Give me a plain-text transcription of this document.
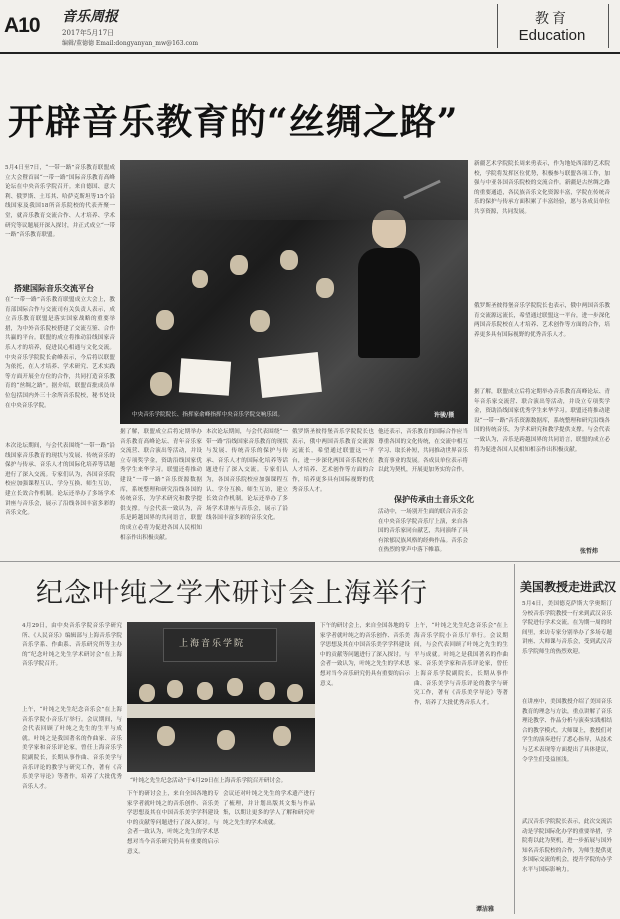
A10 音乐周报
2017年5月17日
编辑/董德德 Email:dongyanyan_mw@163.com
教育
Education
开辟音乐教育的“丝绸之路”
5月4日至7日，“一带一路”音乐教育联盟成立大会暨首届“一带一路”国际音乐教育高峰论坛在中央音乐学院召开。来自德国、意大利、俄罗斯、土耳其、哈萨克斯坦等15个沿线国家及我国18所音乐院校的代表齐聚一堂，就音乐教育交流合作、人才培养、学术研究等议题展开深入探讨，并正式成立“一带一路”音乐教育联盟。
搭建国际音乐交流平台
在“一带一路”音乐教育联盟成立大会上，教育部国际合作与交流司有关负责人表示，成立音乐教育联盟是落实国家战略的重要举措，为中外音乐院校搭建了交流互鉴、合作共赢的平台。联盟的成立将推动沿线国家音乐人才的培养，促进民心相通与文化交流。中央音乐学院院长俞峰表示，今后将以联盟为依托，在人才培养、学术研究、艺术实践等方面开展全方位的合作，共同打造音乐教育的“丝绸之路”。据介绍，联盟首批成员单位包括国内外三十余所音乐院校，秘书处设在中央音乐学院。
本次论坛期间，与会代表围绕“一带一路”沿线国家音乐教育的现状与发展、传统音乐的保护与传承、音乐人才的国际化培养等话题进行了深入交流。专家们认为，各国音乐院校应加强课程互认、学分互换、师生互访，建立长效合作机制。论坛还举办了多场学术讲座与音乐会，展示了沿线各国丰富多彩的音乐文化。
中央音乐学院院长、指挥家俞峰指挥中央音乐学院交响乐团。	许骏/摄
据了解，联盟成立后将定期举办音乐教育高峰论坛、青年音乐家交流营、联合演出等活动，并设立专项奖学金，资助沿线国家优秀学生来华学习。联盟还将推动建设“一带一路”音乐资源数据库，系统整理和研究沿线各国的传统音乐，为学术研究和教学提供支撑。与会代表一致认为，音乐是跨越国界的共同语言，联盟的成立必将为促进各国人民相知相亲作出积极贡献。
本次论坛期间，与会代表围绕“一带一路”沿线国家音乐教育的现状与发展、传统音乐的保护与传承、音乐人才的国际化培养等话题进行了深入交流。专家们认为，各国音乐院校应加强课程互认、学分互换、师生互访，建立长效合作机制。论坛还举办了多场学术讲座与音乐会，展示了沿线各国丰富多彩的音乐文化。
俄罗斯圣彼得堡音乐学院院长也表示，俄中两国音乐教育交流源远流长，希望通过联盟这一平台，进一步深化两国音乐院校在人才培养、艺术创作等方面的合作，培养更多具有国际视野的优秀音乐人才。
他还表示，音乐教育的国际合作应当尊重各国的文化传统，在交流中相互学习、取长补短，共同推动世界音乐教育事业的发展。各成员单位表示将以此为契机，开展更加务实的合作。
保护传承由土音乐文化
活动中，一场别开生面的联合音乐会在中央音乐学院音乐厅上演，来自各国的音乐家同台献艺，共同演绎了具有浓郁民族风格的经典作品。音乐会在热烈的掌声中落下帷幕。
新疆艺术学院院长周来勇表示，作为地处西部的艺术院校，学院将发挥区位优势，积极参与联盟各项工作，加强与中亚各国音乐院校的交流合作。新疆是古丝绸之路的重要通道，各民族音乐文化资源丰富，学院在传统音乐的保护与传承方面积累了丰富经验，愿与各成员单位共享资源，共同发展。
俄罗斯圣彼得堡音乐学院院长也表示，俄中两国音乐教育交流源远流长，希望通过联盟这一平台，进一步深化两国音乐院校在人才培养、艺术创作等方面的合作，培养更多具有国际视野的优秀音乐人才。
据了解，联盟成立后将定期举办音乐教育高峰论坛、青年音乐家交流营、联合演出等活动，并设立专项奖学金，资助沿线国家优秀学生来华学习。联盟还将推动建设“一带一路”音乐资源数据库，系统整理和研究沿线各国的传统音乐，为学术研究和教学提供支撑。与会代表一致认为，音乐是跨越国界的共同语言，联盟的成立必将为促进各国人民相知相亲作出积极贡献。
张哲炜
纪念叶纯之学术研讨会上海举行
4月29日，由中央音乐学院音乐学研究所、《人民音乐》编辑部与上海音乐学院音乐学系、作曲系、音乐研究所等主办的“纪念叶纯之先生学术研讨会”在上海音乐学院召开。
上午，“叶纯之先生纪念音乐会”在上海音乐学院小音乐厅举行。会议期间，与会代表回顾了叶纯之先生的生平与成就。叶纯之是我国著名的作曲家、音乐美学家和音乐评论家，曾任上海音乐学院副院长，长期从事作曲、音乐美学与音乐评论的教学与研究工作，著有《音乐美学导论》等著作，培养了大批优秀音乐人才。
上海音乐学院
“叶纯之先生纪念活动”于4月29日在上海音乐学院召开研讨会。
下午的研讨会上，来自全国各地的专家学者就叶纯之的音乐创作、音乐美学思想及其在中国音乐美学学科建设中的贡献等问题进行了深入探讨。与会者一致认为，叶纯之先生的学术思想对当今音乐研究仍具有重要的启示意义。
会议还对叶纯之先生的学术遗产进行了梳理，并计划出版其文集与作品集，以期让更多的学人了解和研究叶纯之先生的学术成就。
下午的研讨会上，来自全国各地的专家学者就叶纯之的音乐创作、音乐美学思想及其在中国音乐美学学科建设中的贡献等问题进行了深入探讨。与会者一致认为，叶纯之先生的学术思想对当今音乐研究仍具有重要的启示意义。
上午，“叶纯之先生纪念音乐会”在上海音乐学院小音乐厅举行。会议期间，与会代表回顾了叶纯之先生的生平与成就。叶纯之是我国著名的作曲家、音乐美学家和音乐评论家，曾任上海音乐学院副院长，长期从事作曲、音乐美学与音乐评论的教学与研究工作，著有《音乐美学导论》等著作，培养了大批优秀音乐人才。
谭洁雅
美国教授走进武汉
5月4日，美国德克萨斯大学奥斯汀分校音乐学院教授一行来到武汉音乐学院进行学术交流。在为期一周的时间里，来访专家分别举办了多场专题讲座、大师课与音乐会，受到武汉音乐学院师生的热烈欢迎。
在讲座中，美国教授介绍了美国音乐教育的理念与方法，重点讲解了音乐理论教学、作品分析与演奏实践相结合的教学模式。大师课上，教授们对学生的演奏进行了悉心指导，从技术与艺术表现等方面提出了具体建议，令学生们受益匪浅。
武汉音乐学院院长表示，此次交流活动是学院国际化办学的重要举措，学院将以此为契机，进一步拓展与国外知名音乐院校的合作，为师生提供更多国际交流的机会，提升学院的办学水平与国际影响力。
